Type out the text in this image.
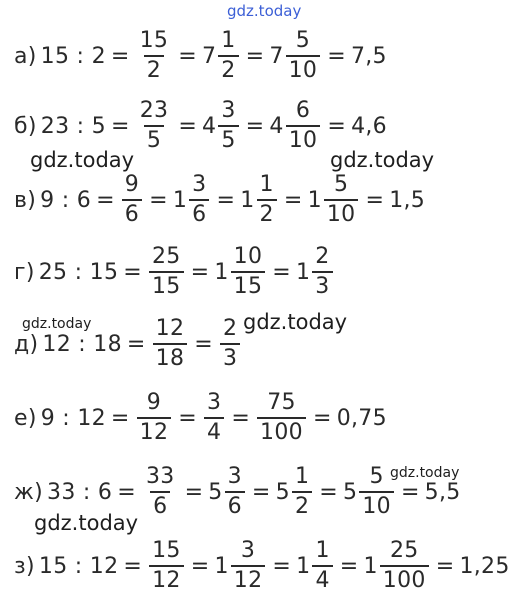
gdz.today
gdz.today	gdz.today
gdz.today	gdz.today
gdz.today
gdz.today
а) 15 : $2 = \frac{15}{2} = 7 \frac{1}{2} = 7 \frac{5}{10} = 7,5$
б) 23 : $5 = \frac{23}{5} = 4 \frac{3}{5} = 4 \frac{6}{10} = 4,6$
в) 9 : $6 = \frac{9}{6} = 1 \frac{3}{6} = 1 \frac{1}{2} = 1 \frac{5}{10} = 1,5$
г) 25 : $15 = \frac{25}{15} = 1 \frac{10}{15} = 1 \frac{2}{3}$
д) 12 : $18 = \frac{12}{18} = \frac{2}{3}$
е) 9 : $12 = \frac{9}{12} = \frac{3}{4} = \frac{75}{100} = 0,75$
ж) 33 : $6 = \frac{33}{6} = 5 \frac{3}{6} = 5 \frac{1}{2} = 5 \frac{5}{10} = 5,5$
з) 15 : $12 = \frac{15}{12} = 1 \frac{3}{12} = 1 \frac{1}{4} = 1 \frac{25}{100} = 1,25$
